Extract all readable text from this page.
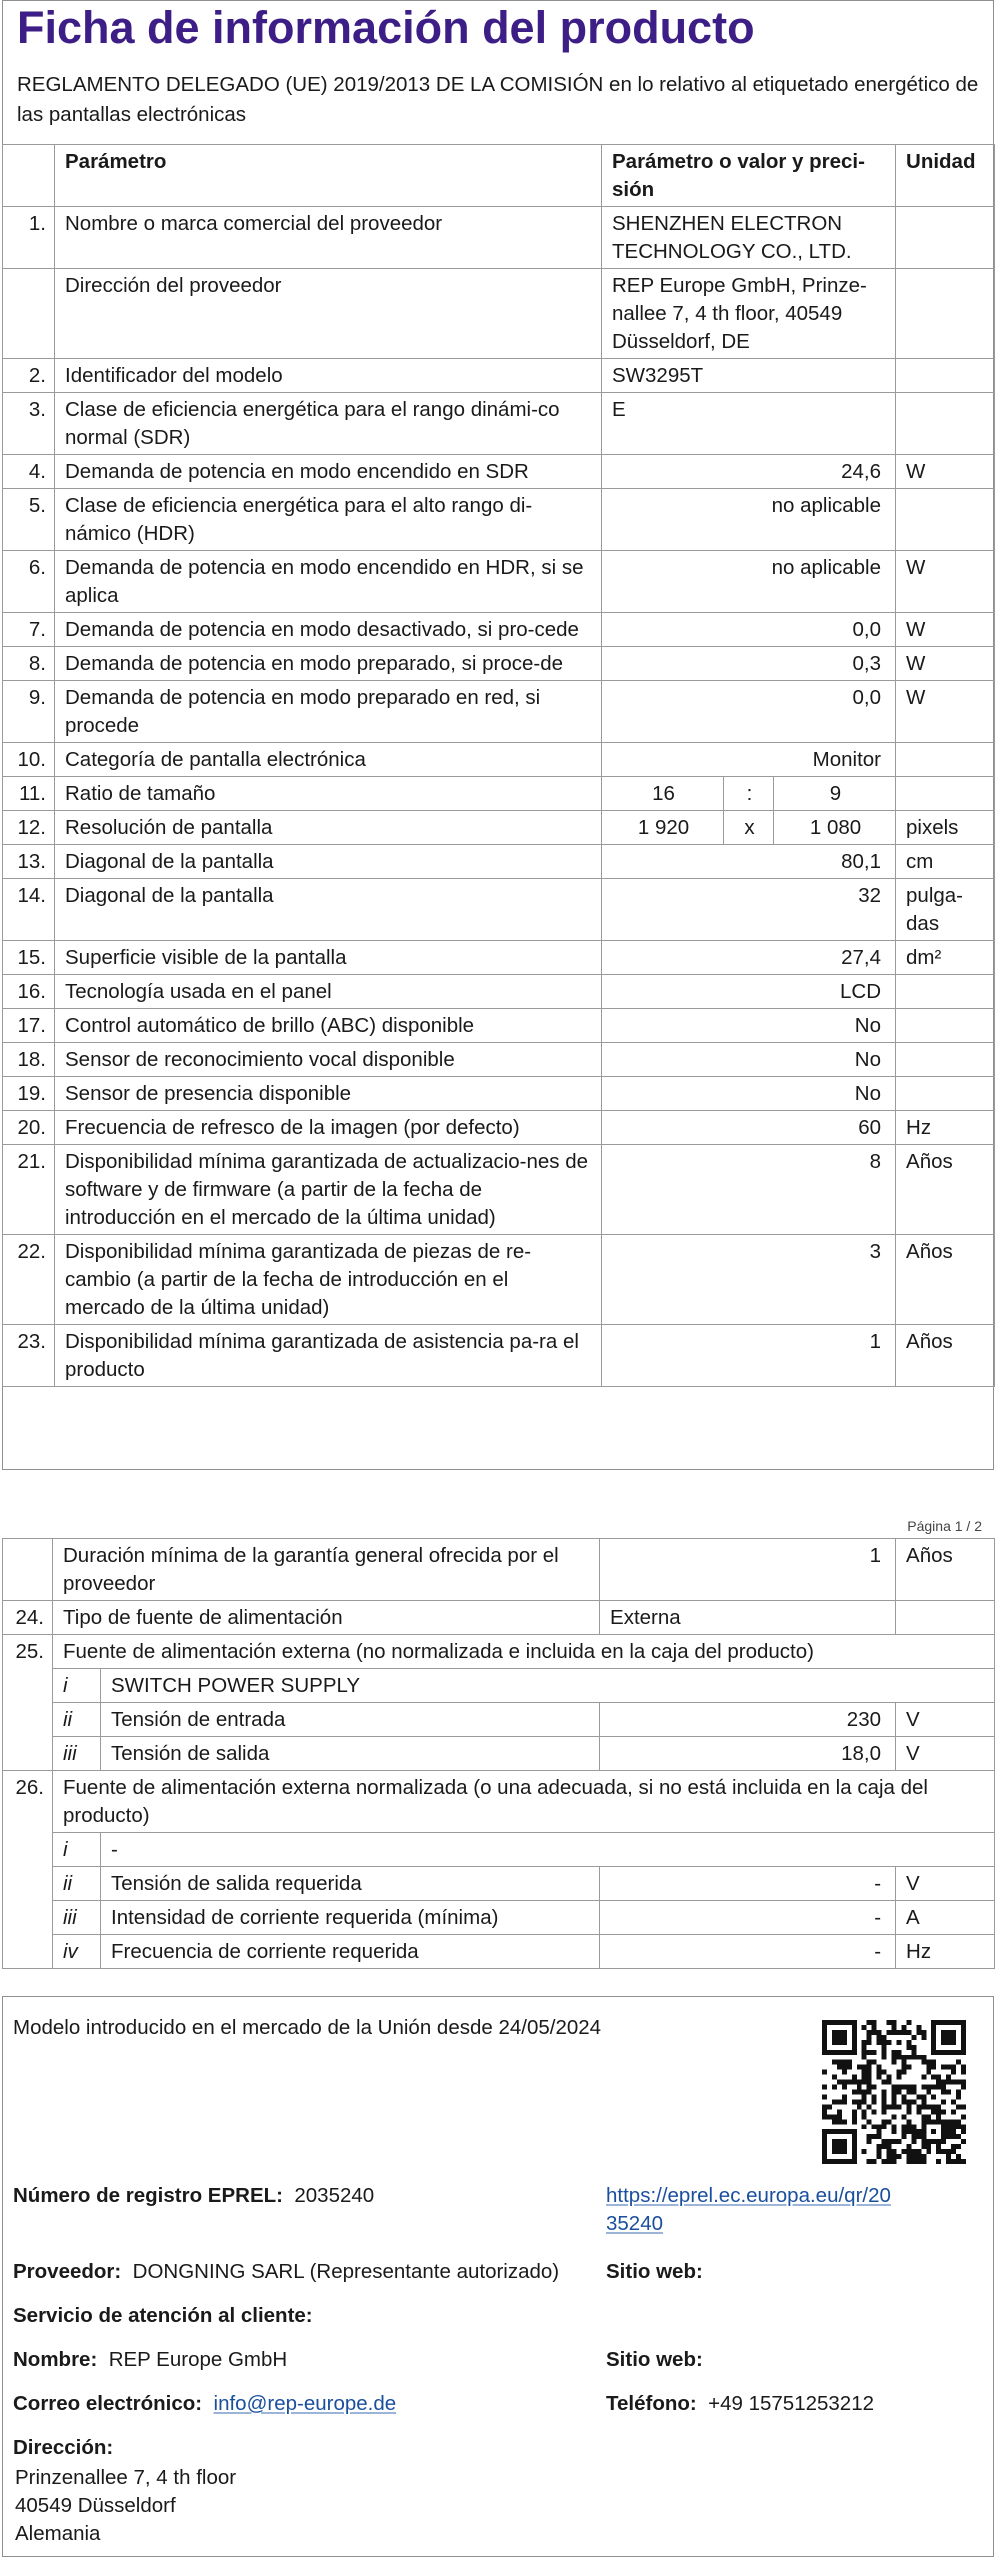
Ficha de información del producto
REGLAMENTO DELEGADO (UE) 2019/2013 DE LA COMISIÓN en lo relativo al etiquetado energético de las pantallas electrónicas
	Parámetro	Parámetro o valor y preci-sión			Unidad
1.	Nombre o marca comercial del proveedor	SHENZHEN ELECTRON TECHNOLOGY CO., LTD.			
	Dirección del proveedor	REP Europe GmbH, Prinze-nallee 7, 4 th floor, 40549 Düsseldorf, DE			
2.	Identificador del modelo	SW3295T			
3.	Clase de eficiencia energética para el rango dinámi-co normal (SDR)	E			
4.	Demanda de potencia en modo encendido en SDR	24,6			W
5.	Clase de eficiencia energética para el alto rango di-námico (HDR)	no aplicable			
6.	Demanda de potencia en modo encendido en HDR, si se aplica	no aplicable			W
7.	Demanda de potencia en modo desactivado, si pro-cede	0,0			W
8.	Demanda de potencia en modo preparado, si proce-de	0,3			W
9.	Demanda de potencia en modo preparado en red, si procede	0,0			W
10.	Categoría de pantalla electrónica	Monitor			
11.	Ratio de tamaño	16	:	9	
12.	Resolución de pantalla	1 920	x	1 080	pixels
13.	Diagonal de la pantalla	80,1			cm
14.	Diagonal de la pantalla	32			pulga-das
15.	Superficie visible de la pantalla	27,4			dm²
16.	Tecnología usada en el panel	LCD			
17.	Control automático de brillo (ABC) disponible	No			
18.	Sensor de reconocimiento vocal disponible	No			
19.	Sensor de presencia disponible	No			
20.	Frecuencia de refresco de la imagen (por defecto)	60			Hz
21.	Disponibilidad mínima garantizada de actualizacio-nes de software y de firmware (a partir de la fecha de introducción en el mercado de la última unidad)	8			Años
22.	Disponibilidad mínima garantizada de piezas de re-cambio (a partir de la fecha de introducción en el mercado de la última unidad)	3			Años
23.	Disponibilidad mínima garantizada de asistencia pa-ra el producto	1			Años
Página 1 / 2
	Duración mínima de la garantía general ofrecida por el proveedor		1	Años
24.	Tipo de fuente de alimentación		Externa	
25.	Fuente de alimentación externa (no normalizada e incluida en la caja del producto)			
	i	SWITCH POWER SUPPLY		
	ii	Tensión de entrada	230	V
	iii	Tensión de salida	18,0	V
26.	Fuente de alimentación externa normalizada (o una adecuada, si no está incluida en la caja del producto)			
	i	-		
	ii	Tensión de salida requerida	-	V
	iii	Intensidad de corriente requerida (mínima)	-	A
	iv	Frecuencia de corriente requerida	-	Hz
Modelo introducido en el mercado de la Unión desde 24/05/2024
Número de registro EPREL: 2035240	https://eprel.ec.europa.eu/qr/20
35240
Proveedor: DONGNING SARL (Representante autorizado) Sitio web:
Servicio de atención al cliente:
Nombre: REP Europe GmbH	Sitio web:
Correo electrónico: info@rep-europe.de	Teléfono: +49 15751253212
Dirección:
Prinzenallee 7, 4 th floor
40549 Düsseldorf
Alemania
